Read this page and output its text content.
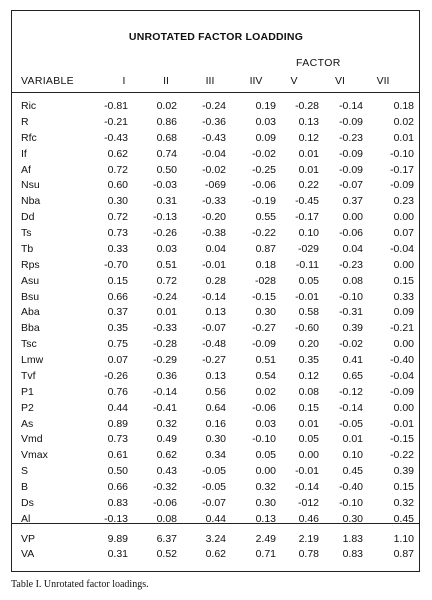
UNROTATED FACTOR LOADDING
FACTOR
VARIABLE	I	II	III	IIV	V	VI	VII
Ric	-0.81	0.02	-0.24	0.19	-0.28	-0.14	0.18
R	-0.21	0.86	-0.36	0.03	0.13	-0.09	0.02
Rfc	-0.43	0.68	-0.43	0.09	0.12	-0.23	0.01
If	0.62	0.74	-0.04	-0.02	0.01	-0.09	-0.10
Af	0.72	0.50	-0.02	-0.25	0.01	-0.09	-0.17
Nsu	0.60	-0.03	-069	-0.06	0.22	-0.07	-0.09
Nba	0.30	0.31	-0.33	-0.19	-0.45	0.37	0.23
Dd	0.72	-0.13	-0.20	0.55	-0.17	0.00	0.00
Ts	0.73	-0.26	-0.38	-0.22	0.10	-0.06	0.07
Tb	0.33	0.03	0.04	0.87	-029	0.04	-0.04
Rps	-0.70	0.51	-0.01	0.18	-0.11	-0.23	0.00
Asu	0.15	0.72	0.28	-028	0.05	0.08	0.15
Bsu	0.66	-0.24	-0.14	-0.15	-0.01	-0.10	0.33
Aba	0.37	0.01	0.13	0.30	0.58	-0.31	0.09
Bba	0.35	-0.33	-0.07	-0.27	-0.60	0.39	-0.21
Tsc	0.75	-0.28	-0.48	-0.09	0.20	-0.02	0.00
Lmw	0.07	-0.29	-0.27	0.51	0.35	0.41	-0.40
Tvf	-0.26	0.36	0.13	0.54	0.12	0.65	-0.04
P1	0.76	-0.14	0.56	0.02	0.08	-0.12	-0.09
P2	0.44	-0.41	0.64	-0.06	0.15	-0.14	0.00
As	0.89	0.32	0.16	0.03	0.01	-0.05	-0.01
Vmd	0.73	0.49	0.30	-0.10	0.05	0.01	-0.15
Vmax	0.61	0.62	0.34	0.05	0.00	0.10	-0.22
S	0.50	0.43	-0.05	0.00	-0.01	0.45	0.39
B	0.66	-0.32	-0.05	0.32	-0.14	-0.40	0.15
Ds	0.83	-0.06	-0.07	0.30	-012	-0.10	0.32
Al	-0.13	0.08	0.44	0.13	0.46	0.30	0.45
VP	9.89	6.37	3.24	2.49	2.19	1.83	1.10
VA	0.31	0.52	0.62	0.71	0.78	0.83	0.87
Table I. Unrotated factor loadings.
